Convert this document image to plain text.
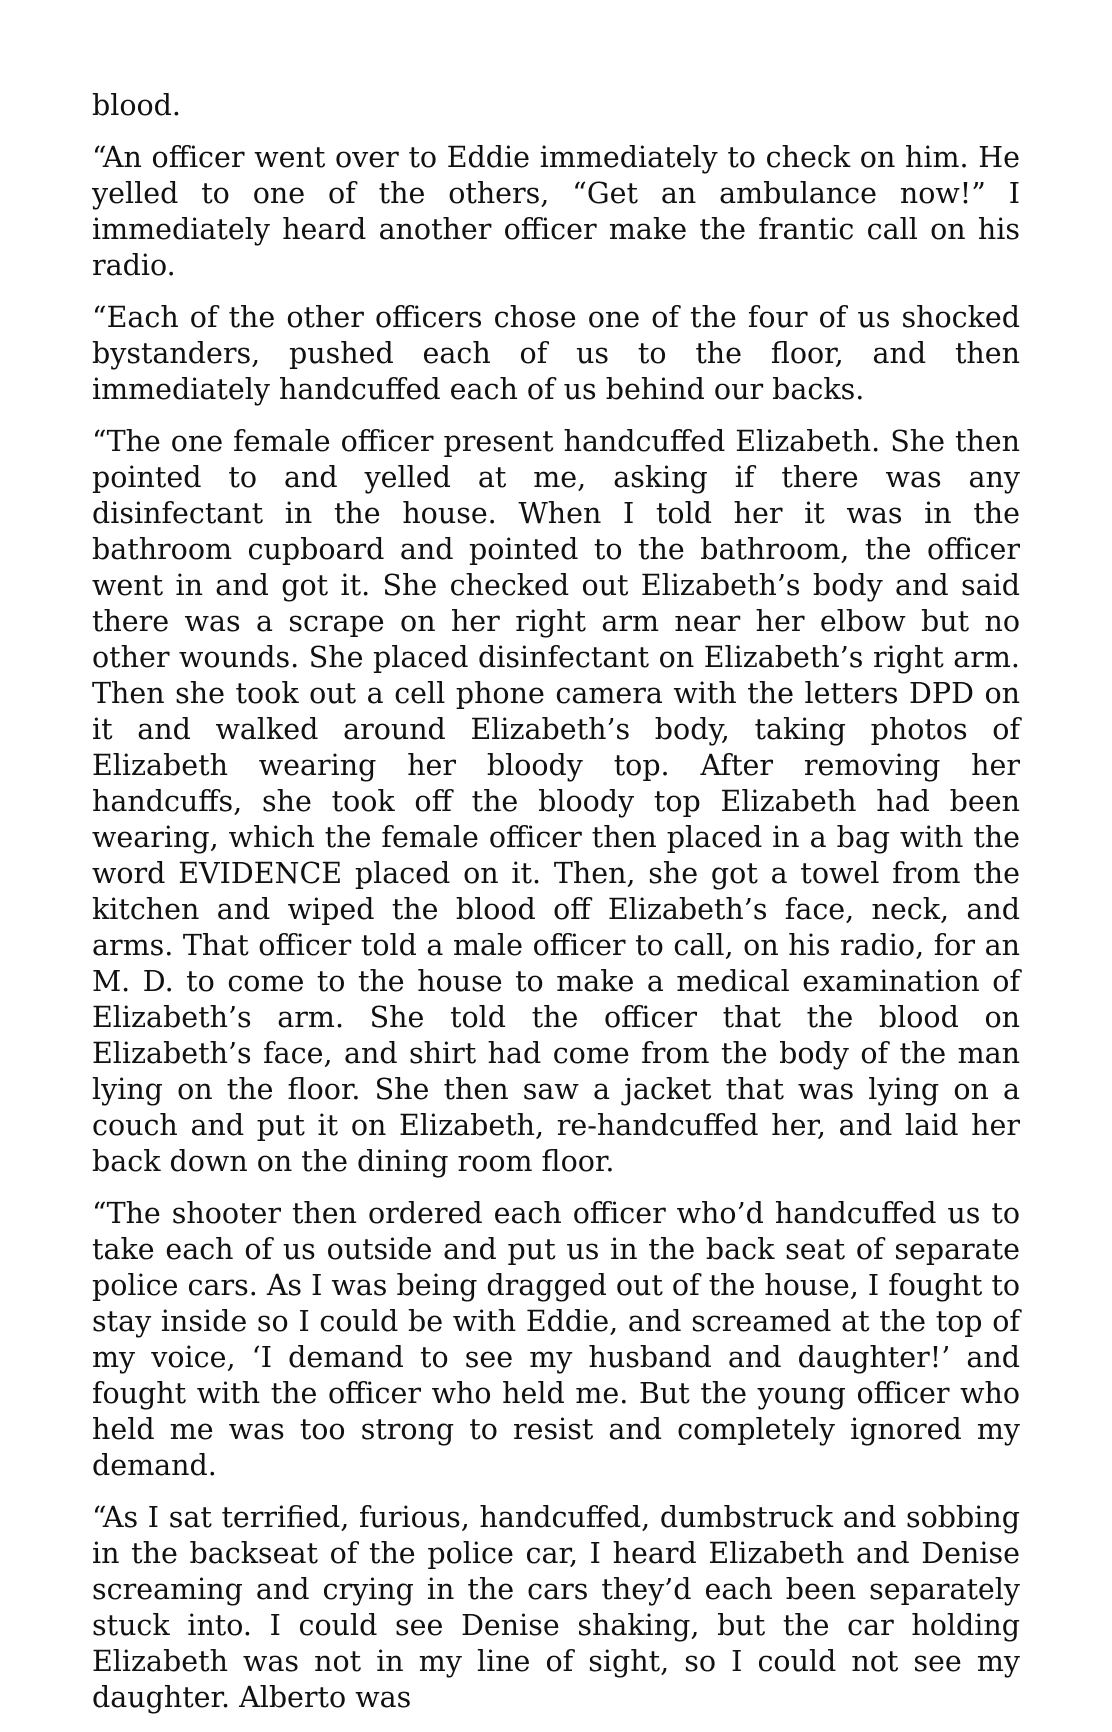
blood.

“An officer went over to Eddie immediately to check on him. He yelled to one of the others, “Get an ambulance now!” I immediately heard another officer make the frantic call on his radio.

“Each of the other officers chose one of the four of us shocked bystanders, pushed each of us to the floor, and then immediately handcuffed each of us behind our backs.

“The one female officer present handcuffed Elizabeth. She then pointed to and yelled at me, asking if there was any disinfectant in the house. When I told her it was in the bathroom cupboard and pointed to the bathroom, the officer went in and got it. She checked out Elizabeth’s body and said there was a scrape on her right arm near her elbow but no other wounds. She placed disinfectant on Elizabeth’s right arm. Then she took out a cell phone camera with the letters DPD on it and walked around Elizabeth’s body, taking photos of Elizabeth wearing her bloody top. After removing her handcuffs, she took off the bloody top Elizabeth had been wearing, which the female officer then placed in a bag with the word EVIDENCE placed on it. Then, she got a towel from the kitchen and wiped the blood off Elizabeth’s face, neck, and arms. That officer told a male officer to call, on his radio, for an M. D. to come to the house to make a medical examination of Elizabeth’s arm. She told the officer that the blood on Elizabeth’s face, and shirt had come from the body of the man lying on the floor. She then saw a jacket that was lying on a couch and put it on Elizabeth, re-handcuffed her, and laid her back down on the dining room floor.

“The shooter then ordered each officer who’d handcuffed us to take each of us outside and put us in the back seat of separate police cars. As I was being dragged out of the house, I fought to stay inside so I could be with Eddie, and screamed at the top of my voice, ‘I demand to see my husband and daughter!’ and fought with the officer who held me. But the young officer who held me was too strong to resist and completely ignored my demand.

“As I sat terrified, furious, handcuffed, dumbstruck and sobbing in the backseat of the police car, I heard Elizabeth and Denise screaming and crying in the cars they’d each been separately stuck into. I could see Denise shaking, but the car holding Elizabeth was not in my line of sight, so I could not see my daughter. Alberto was
